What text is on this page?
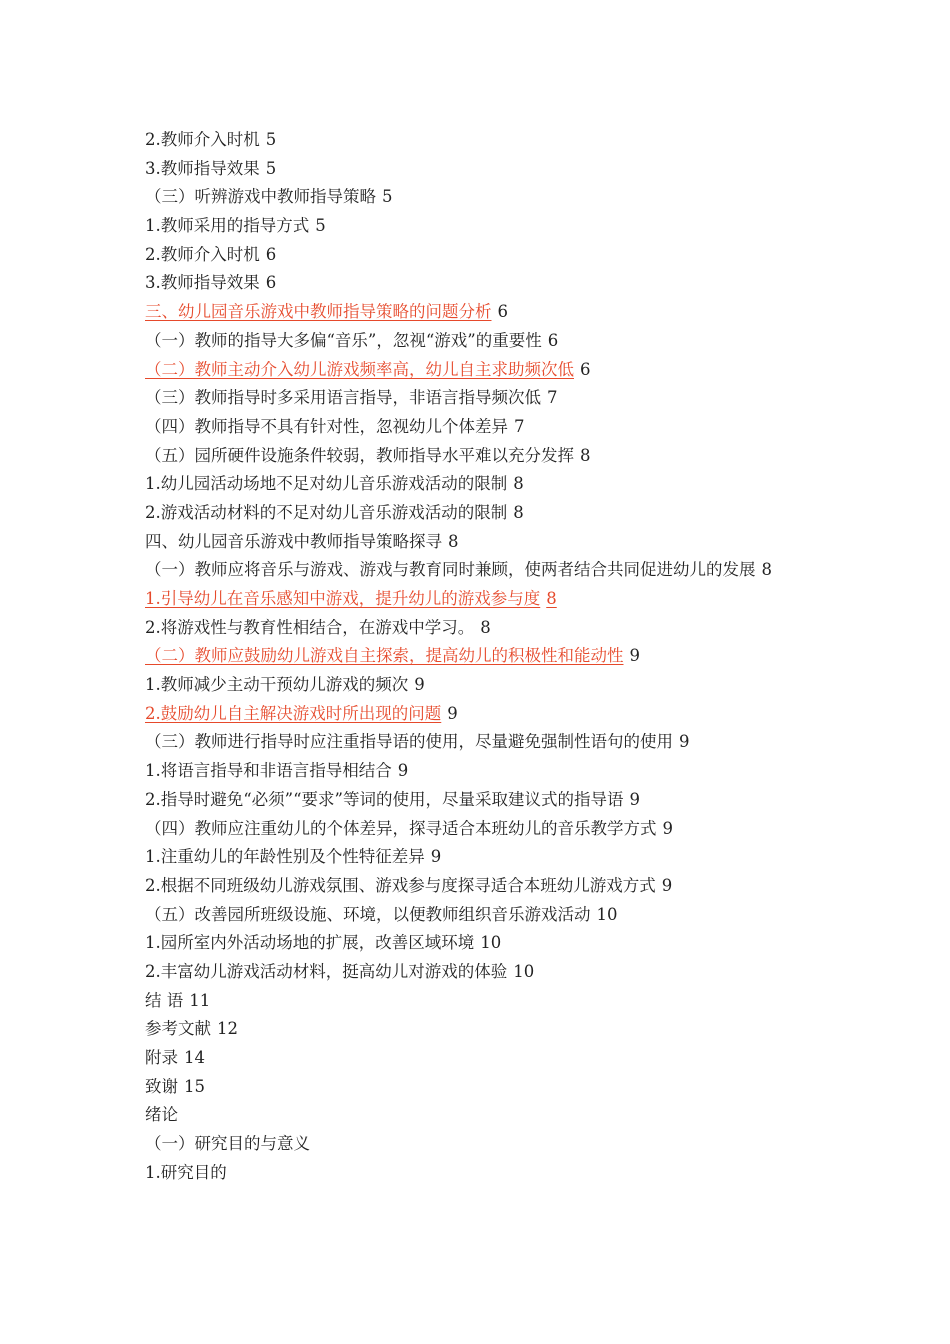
2.教师介入时机 5
3.教师指导效果 5
（三）听辨游戏中教师指导策略 5
1.教师采用的指导方式 5
2.教师介入时机 6
3.教师指导效果 6
三、幼儿园音乐游戏中教师指导策略的问题分析 6
（一）教师的指导大多偏“音乐”，忽视“游戏”的重要性 6
（二）教师主动介入幼儿游戏频率高，幼儿自主求助频次低 6
（三）教师指导时多采用语言指导，非语言指导频次低 7
（四）教师指导不具有针对性，忽视幼儿个体差异 7
（五）园所硬件设施条件较弱，教师指导水平难以充分发挥 8
1.幼儿园活动场地不足对幼儿音乐游戏活动的限制 8
2.游戏活动材料的不足对幼儿音乐游戏活动的限制 8
四、幼儿园音乐游戏中教师指导策略探寻 8
（一）教师应将音乐与游戏、游戏与教育同时兼顾，使两者结合共同促进幼儿的发展 8
1.引导幼儿在音乐感知中游戏，提升幼儿的游戏参与度 8
2.将游戏性与教育性相结合，在游戏中学习。 8
（二）教师应鼓励幼儿游戏自主探索，提高幼儿的积极性和能动性 9
1.教师减少主动干预幼儿游戏的频次 9
2.鼓励幼儿自主解决游戏时所出现的问题 9
（三）教师进行指导时应注重指导语的使用，尽量避免强制性语句的使用 9
1.将语言指导和非语言指导相结合 9
2.指导时避免“必须”“要求”等词的使用，尽量采取建议式的指导语 9
（四）教师应注重幼儿的个体差异，探寻适合本班幼儿的音乐教学方式 9
1.注重幼儿的年龄性别及个性特征差异 9
2.根据不同班级幼儿游戏氛围、游戏参与度探寻适合本班幼儿游戏方式 9
（五）改善园所班级设施、环境，以便教师组织音乐游戏活动 10
1.园所室内外活动场地的扩展，改善区域环境 10
2.丰富幼儿游戏活动材料，挺高幼儿对游戏的体验 10
结 语 11
参考文献 12
附录 14
致谢 15
绪论
（一）研究目的与意义
1.研究目的
